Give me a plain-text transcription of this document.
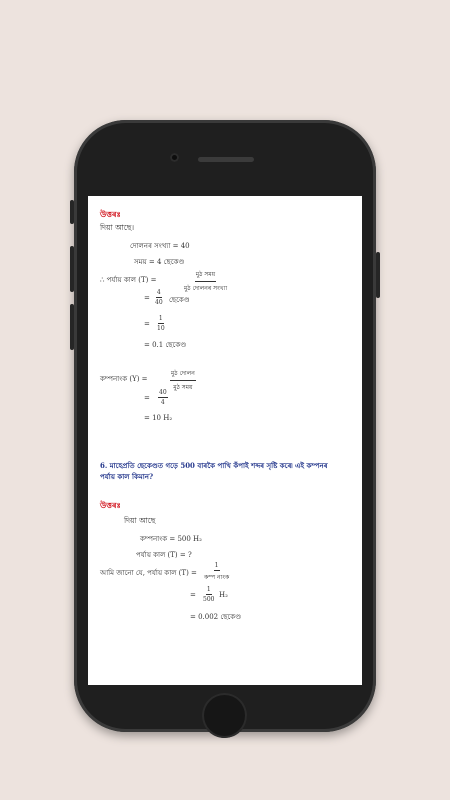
উত্তৰঃ
দিয়া আছে।
দোলনৰ সংখ্যা = 40
সময় = 4 ছেকেণ্ড
∴ পৰ্যায় কাল (T) =
মুঠ সময়
মুঠ দোলনৰ সংখ্যা
= $\frac{4}{40}$ ছেকেণ্ড
= $\frac{1}{10}$
= 0.1 ছেকেণ্ড
কম্পনাংক (Y) =
মুঠ দোলন
মুঠ সময়
= $\frac{40}{4}$
= 10 H₂
6. মাহেপ্ৰতি ছেকেণ্ডত গড়ে 500 বাৰকৈ পাখি কঁপাই শব্দৰ সৃষ্টি কৰে৷ এই কম্পনৰ
পৰ্যায় কাল কিমান?
উত্তৰঃ
দিয়া আছে
কম্পনাংক = 500 H₂
পৰ্যায় কাল (T) = ?
আমি জানো যে, পৰ্যায় কাল (T) =
1
কম্প নাংক
= $\frac{1}{500} H_2$
= 0.002 ছেকেণ্ড
